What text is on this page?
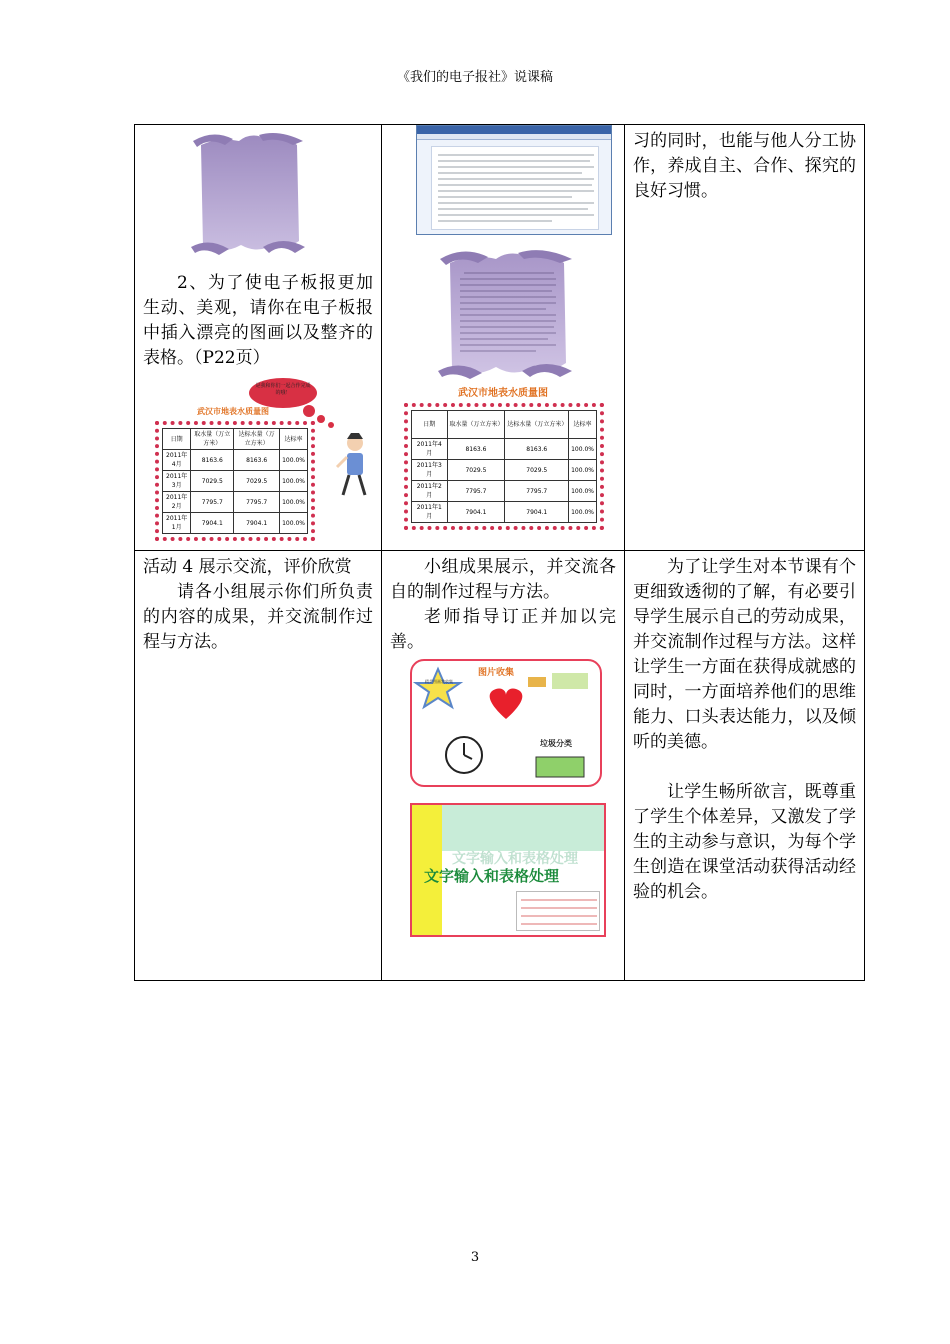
《我们的电子报社》说课稿

2、为了使电子板报更加生动、美观，请你在电子板报中插入漂亮的图画以及整齐的表格。（P22页）

是我和你们一起合作完成的哦！
武汉市地表水质量图
日期	取水量（万立方米）	达标水量（万立方米）	达标率
2011年4月	8163.6	8163.6	100.0%
2011年3月	7029.5	7029.5	100.0%
2011年2月	7795.7	7795.7	100.0%
2011年1月	7904.1	7904.1	100.0%

武汉市地表水质量图
日期	取水量（万立方米）	达标水量（万立方米）	达标率
2011年4月	8163.6	8163.6	100.0%
2011年3月	7029.5	7029.5	100.0%
2011年2月	7795.7	7795.7	100.0%
2011年1月	7904.1	7904.1	100.0%

习的同时，也能与他人分工协作，养成自主、合作、探究的良好习惯。

活动 4 展示交流，评价欣赏

请各小组展示你们所负责的内容的成果，并交流制作过程与方法。

小组成果展示，并交流各自的制作过程与方法。

老师指导订正并加以完善。

图片收集
精美图画我收集
垃圾分类
文字输入和表格处理
文字输入和表格处理

为了让学生对本节课有个更细致透彻的了解，有必要引导学生展示自己的劳动成果，并交流制作过程与方法。这样让学生一方面在获得成就感的同时，一方面培养他们的思维能力、口头表达能力，以及倾听的美德。

让学生畅所欲言，既尊重了学生个体差异，又激发了学生的主动参与意识，为每个学生创造在课堂活动获得活动经验的机会。

3
